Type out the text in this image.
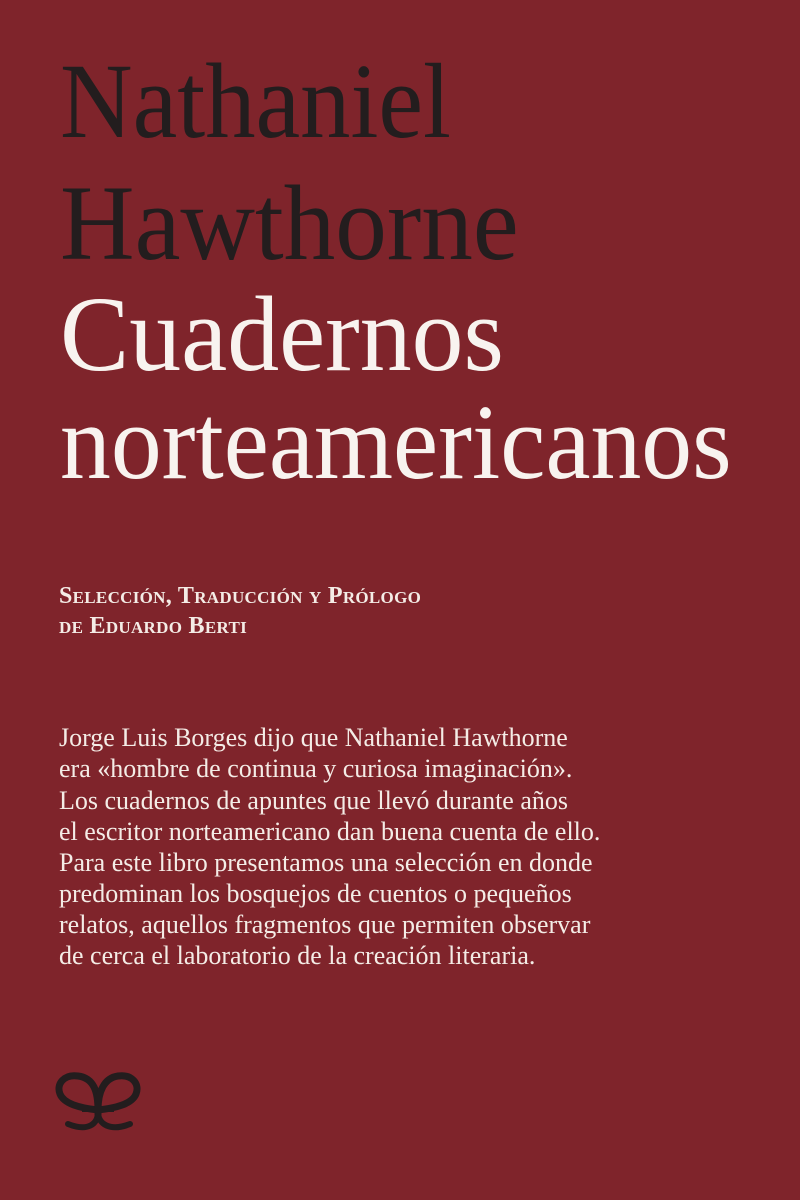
Nathaniel
Hawthorne
Cuadernos
norteamericanos
Selección, Traducción y Prólogo
de Eduardo Berti
Jorge Luis Borges dijo que Nathaniel Hawthorne
era «hombre de continua y curiosa imaginación».
Los cuadernos de apuntes que llevó durante años
el escritor norteamericano dan buena cuenta de ello.
Para este libro presentamos una selección en donde
predominan los bosquejos de cuentos o pequeños
relatos, aquellos fragmentos que permiten observar
de cerca el laboratorio de la creación literaria.
